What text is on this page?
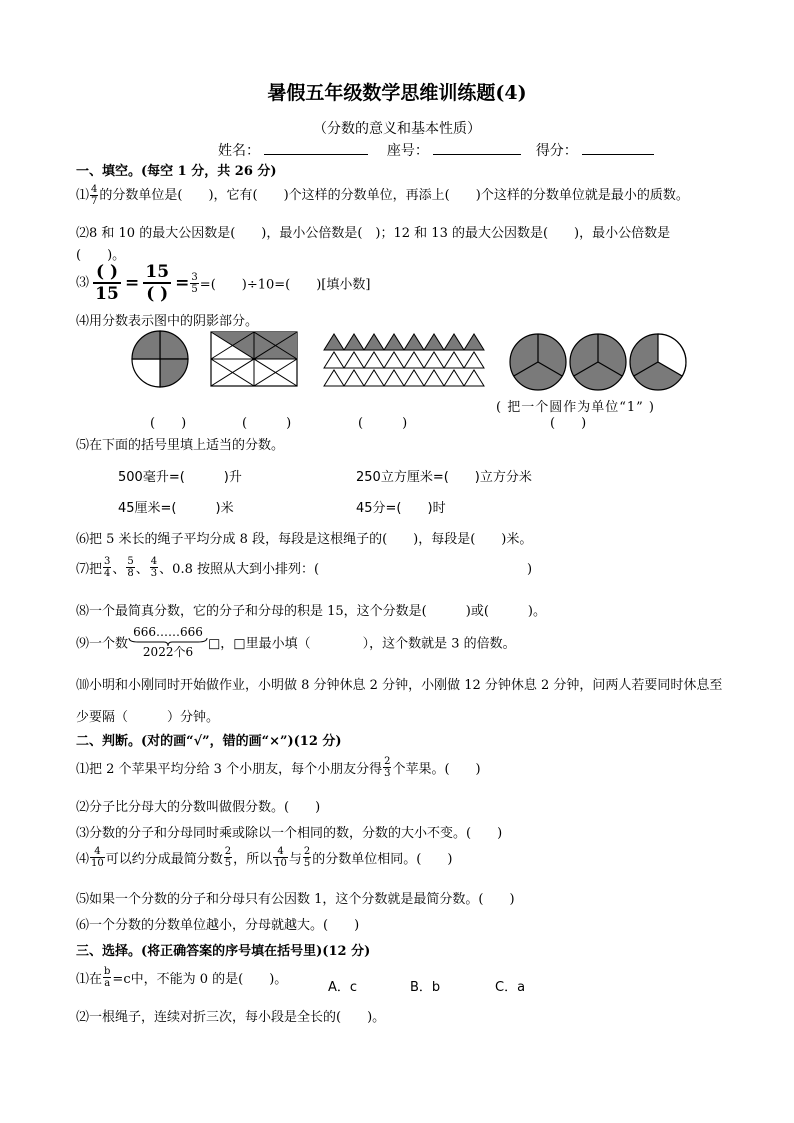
暑假五年级数学思维训练题(4)
（分数的意义和基本性质）
姓名：	座号：	得分：
一、填空。(每空 1 分，共 26 分)
⑴ $\frac{4}{7}$ 的分数单位是(　　)，它有(　　)个这样的分数单位，再添上(　　)个这样的分数单位就是最小的质数。
⑵8 和 10 的最大公因数是(　　)，最小公倍数是(　)；12 和 13 的最大公因数是(　　)，最小公倍数是
(　　)。
⑶
( )
15
=
15
( )
= $\frac{3}{5}$ =(　　)÷10=(　　)[填小数]
⑷用分数表示图中的阴影部分。
(　　)	(　　　)	(　　　)
( 把一个圆作为单位“1” )
(　　)
⑸在下面的括号里填上适当的分数。
500毫升=(　　　)升	250立方厘米=(　　)立方分米
45厘米=(　　　)米	45分=(　　)时
⑹把 5 米长的绳子平均分成 8 段，每段是这根绳子的(　　)，每段是(　　)米。
⑺把 $\frac{3}{4}$ 、 $\frac{5}{8}$ 、 $\frac{4}{3}$ 、0.8 按照从大到小排列：(　　　　　　　　　　　　　　　　)
⑻一个最简真分数，它的分子和分母的积是 15，这个分数是(　　　)或(　　　)。
⑼一个数
666……666
2022个6
□，□里最小填（　　　　），这个数就是 3 的倍数。
⑽小明和小刚同时开始做作业，小明做 8 分钟休息 2 分钟，小刚做 12 分钟休息 2 分钟，问两人若要同时休息至
少要隔（　　　）分钟。
二、判断。(对的画“√”，错的画“×”)(12 分)
⑴把 2 个苹果平均分给 3 个小朋友，每个小朋友分得 $\frac{2}{3}$ 个苹果。(　　)
⑵分子比分母大的分数叫做假分数。(　　)
⑶分数的分子和分母同时乘或除以一个相同的数，分数的大小不变。(　　)
⑷ $\frac{4}{10}$ 可以约分成最简分数 $\frac{2}{5}$ ，所以 $\frac{4}{10}$ 与 $\frac{2}{5}$ 的分数单位相同。(　　)
⑸如果一个分数的分子和分母只有公因数 1，这个分数就是最简分数。(　　)
⑹一个分数的分数单位越小，分母就越大。(　　)
三、选择。(将正确答案的序号填在括号里)(12 分)
⑴在 $\frac{b}{a} =c$中，不能为 0 的是(　　)。
A．c	B．b	C．a
⑵一根绳子，连续对折三次，每小段是全长的(　　)。
